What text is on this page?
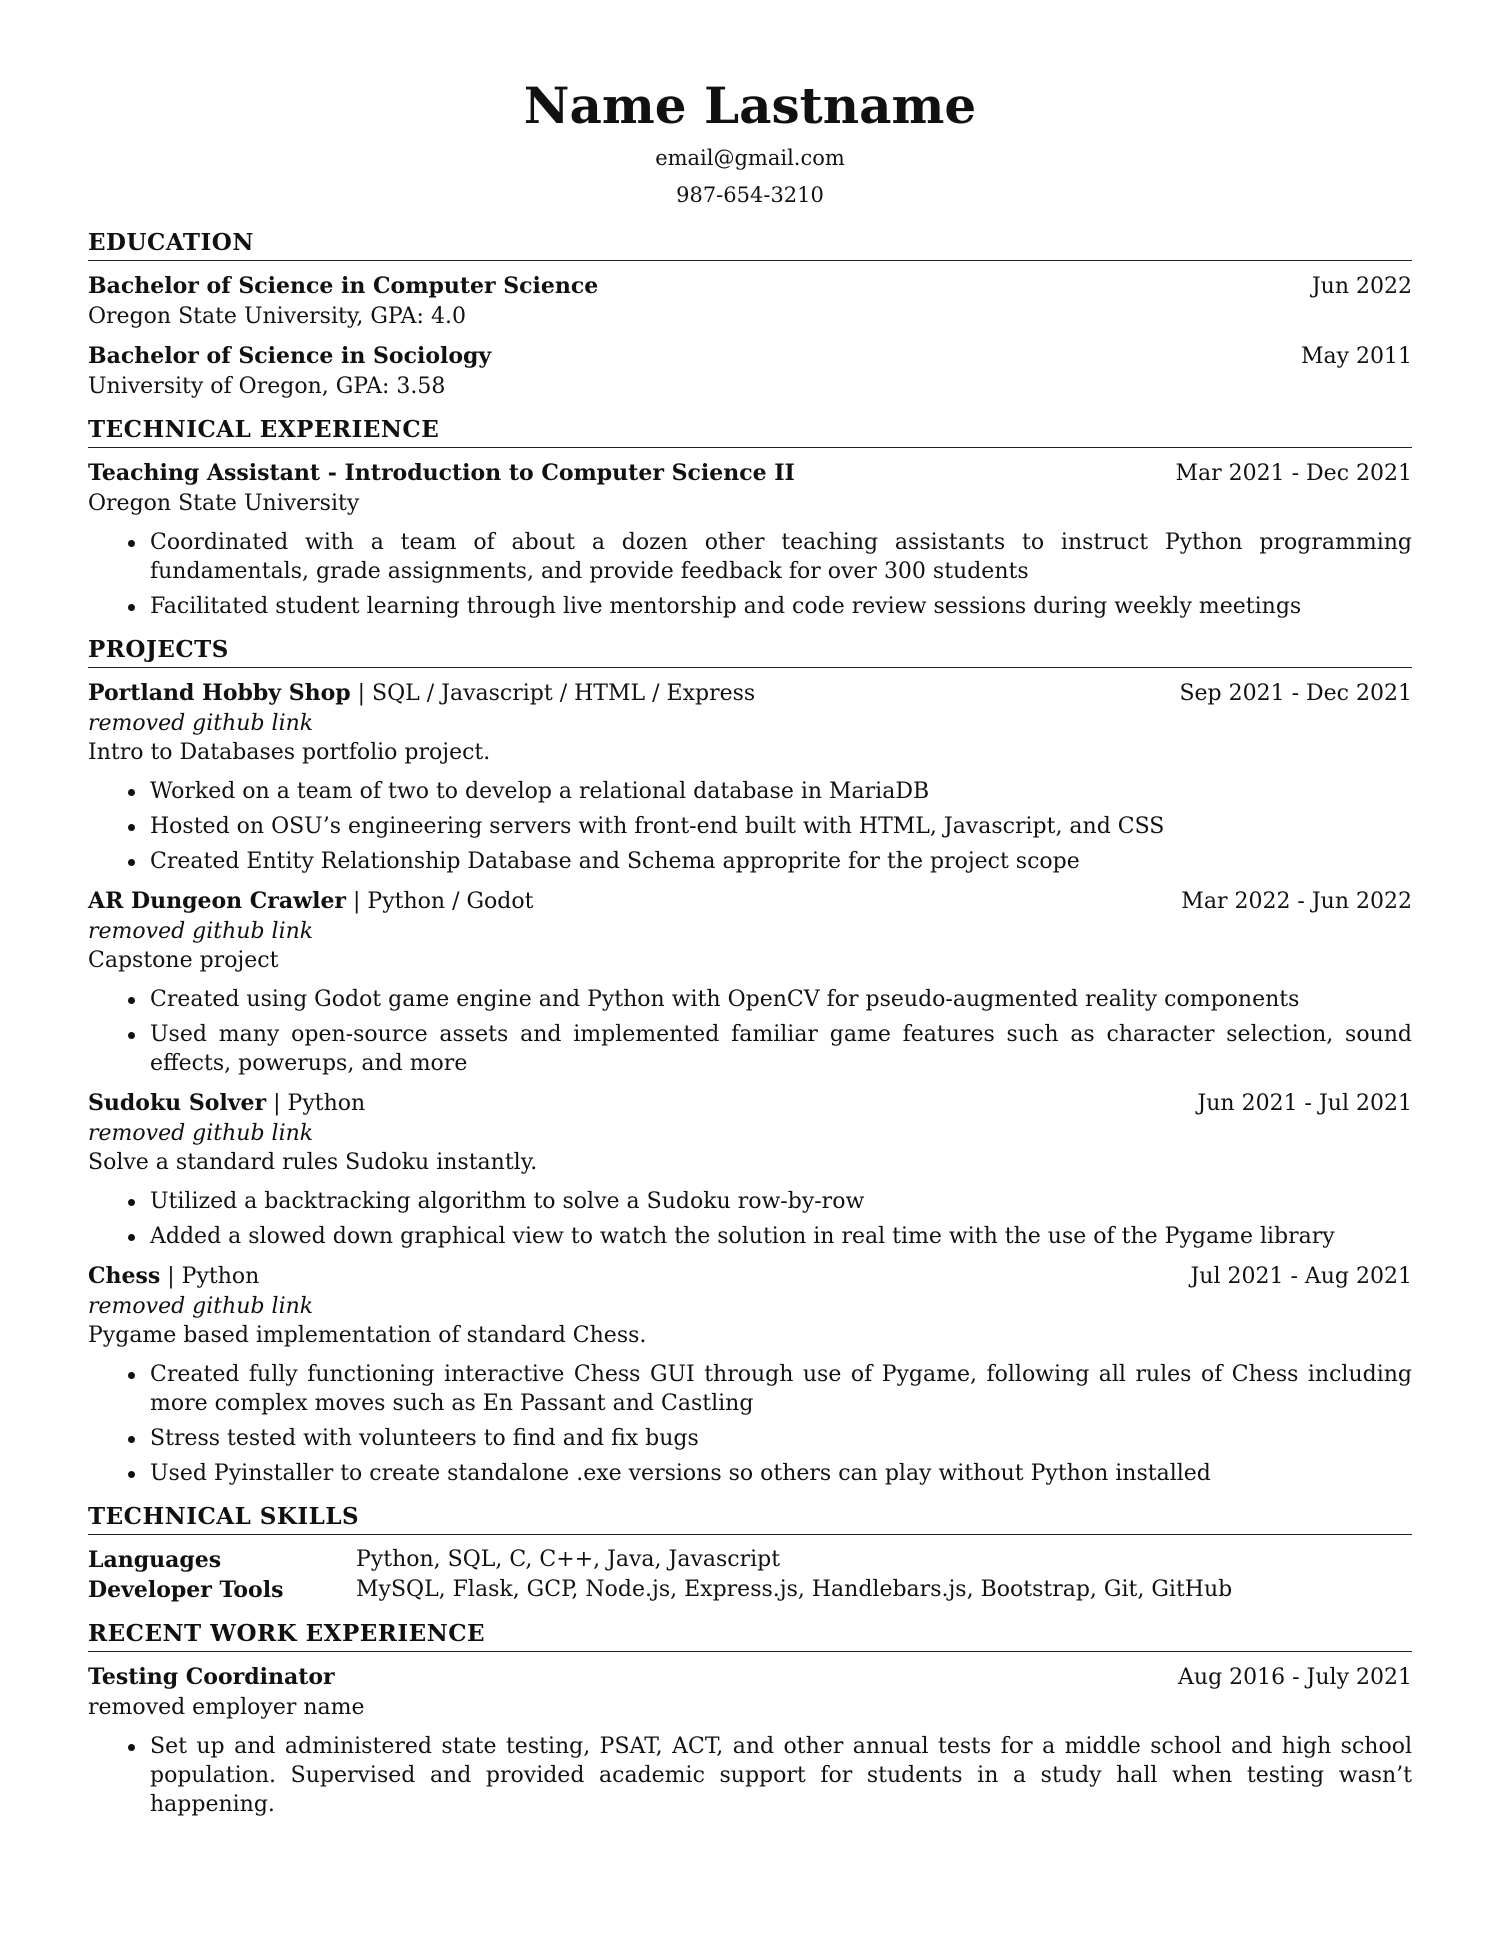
Name Lastname
email@gmail.com
987-654-3210
EDUCATION
Bachelor of Science in Computer Science	Jun 2022
Oregon State University, GPA: 4.0
Bachelor of Science in Sociology	May 2011
University of Oregon, GPA: 3.58
TECHNICAL EXPERIENCE
Teaching Assistant - Introduction to Computer Science II	Mar 2021 - Dec 2021
Oregon State University
Coordinated with a team of about a dozen other teaching assistants to instruct Python programming fundamentals, grade assignments, and provide feedback for over 300 students
Facilitated student learning through live mentorship and code review sessions during weekly meetings
PROJECTS
Portland Hobby Shop | SQL / Javascript / HTML / Express	Sep 2021 - Dec 2021
removed github link
Intro to Databases portfolio project.
Worked on a team of two to develop a relational database in MariaDB
Hosted on OSU’s engineering servers with front-end built with HTML, Javascript, and CSS
Created Entity Relationship Database and Schema approprite for the project scope
AR Dungeon Crawler | Python / Godot	Mar 2022 - Jun 2022
removed github link
Capstone project
Created using Godot game engine and Python with OpenCV for pseudo-augmented reality components
Used many open-source assets and implemented familiar game features such as character selection, sound effects, powerups, and more
Sudoku Solver | Python	Jun 2021 - Jul 2021
removed github link
Solve a standard rules Sudoku instantly.
Utilized a backtracking algorithm to solve a Sudoku row-by-row
Added a slowed down graphical view to watch the solution in real time with the use of the Pygame library
Chess | Python	Jul 2021 - Aug 2021
removed github link
Pygame based implementation of standard Chess.
Created fully functioning interactive Chess GUI through use of Pygame, following all rules of Chess including more complex moves such as En Passant and Castling
Stress tested with volunteers to find and fix bugs
Used Pyinstaller to create standalone .exe versions so others can play without Python installed
TECHNICAL SKILLS
Languages	Python, SQL, C, C++, Java, Javascript
Developer Tools	MySQL, Flask, GCP, Node.js, Express.js, Handlebars.js, Bootstrap, Git, GitHub
RECENT WORK EXPERIENCE
Testing Coordinator	Aug 2016 - July 2021
removed employer name
Set up and administered state testing, PSAT, ACT, and other annual tests for a middle school and high school population. Supervised and provided academic support for students in a study hall when testing wasn’t happening.
